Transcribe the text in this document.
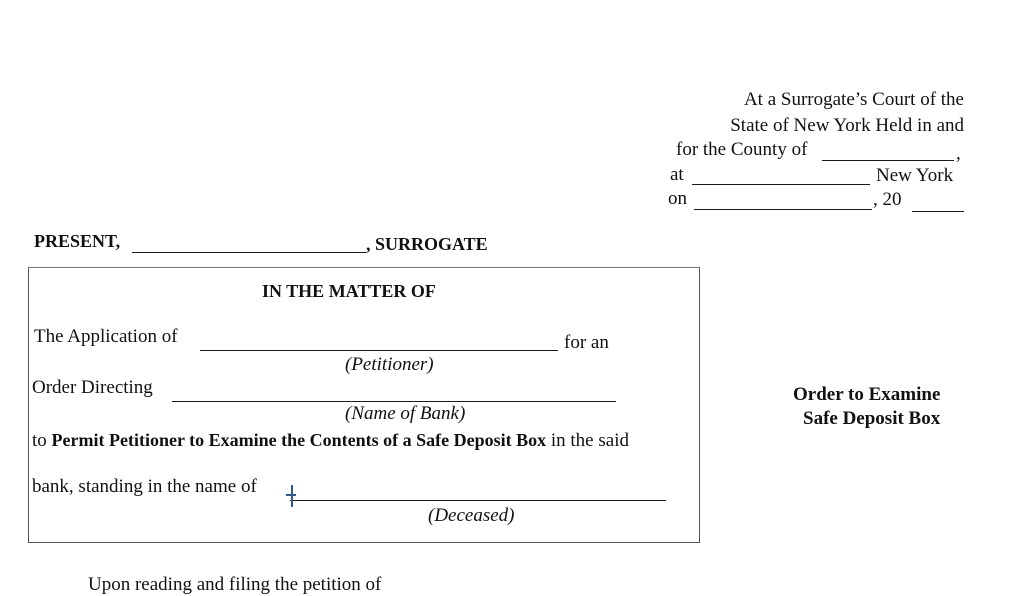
At a Surrogate’s Court of the
State of New York Held in and
for the County of	,
at	New York
on	, 20
PRESENT,	, SURROGATE
IN THE MATTER OF
The Application of	for an
(Petitioner)
Order Directing
(Name of Bank)
to Permit Petitioner to Examine the Contents of a Safe Deposit Box in the said
bank, standing in the name of
(Deceased)
Order to Examine
Safe Deposit Box
Upon reading and filing the petition of
